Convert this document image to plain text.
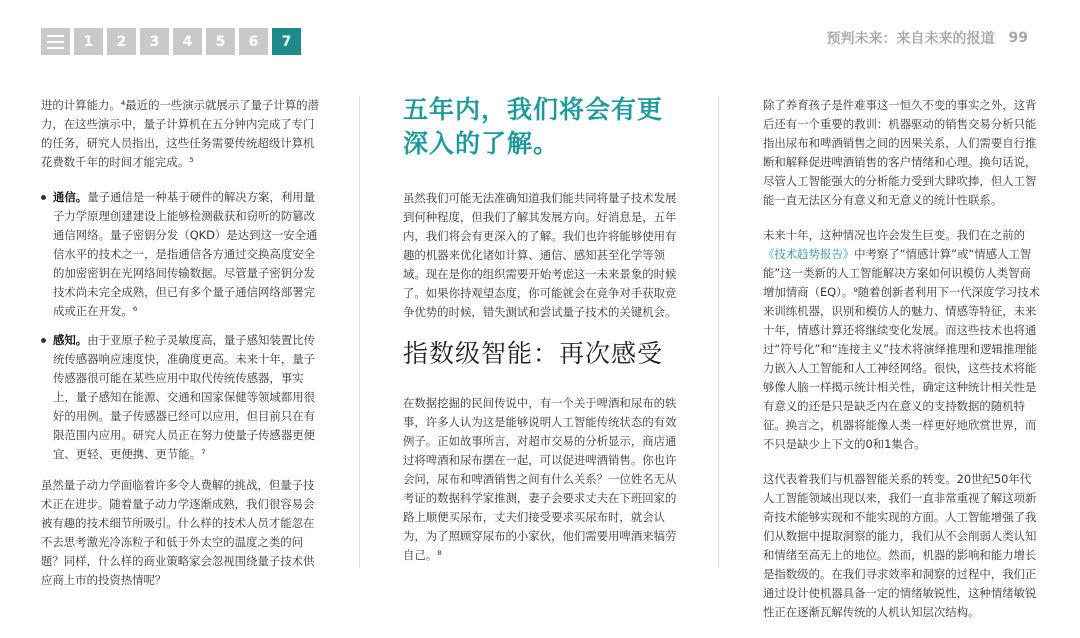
1	2	3	4	5	6	7	预判未来：来自未来的报道 99

进的计算能力。⁴最近的一些演示就展示了量子计算的潜力，在这些演示中，量子计算机在五分钟内完成了专门的任务，研究人员指出，这些任务需要传统超级计算机花费数千年的时间才能完成。⁵

通信。量子通信是一种基于硬件的解决方案，利用量子力学原理创建建设上能够检测截获和窃听的防篡改通信网络。量子密钥分发（QKD）是达到这一安全通信水平的技术之一，是指通信各方通过交换高度安全的加密密钥在光网络间传输数据。尽管量子密钥分发技术尚未完全成熟，但已有多个量子通信网络部署完成或正在开发。⁶
感知。由于亚原子粒子灵敏度高，量子感知装置比传统传感器响应速度快，准确度更高。未来十年，量子传感器很可能在某些应用中取代传统传感器，事实上，量子感知在能源、交通和国家保健等领域都用很好的用例。量子传感器已经可以应用，但目前只在有限范围内应用。研究人员正在努力使量子传感器更便宜、更轻、更便携、更节能。⁷

虽然量子动力学面临着许多令人费解的挑战，但量子技术正在进步。随着量子动力学逐渐成熟，我们很容易会被有趣的技术细节所吸引。什么样的技术人员才能忽在不去思考激光冷冻粒子和低于外太空的温度之类的问题？同样，什么样的商业策略家会忽视围绕量子技术供应商上市的投资热情呢？

五年内，我们将会有更深入的了解。

虽然我们可能无法准确知道我们能共同将量子技术发展到何种程度，但我们了解其发展方向。好消息是，五年内，我们将会有更深入的了解。我们也许将能够使用有趣的机器来优化诸如计算、通信、感知甚至化学等领域。现在是你的组织需要开始考虑这一未来景象的时候了。如果你持观望态度，你可能就会在竞争对手获取竞争优势的时候，错失测试和尝试量子技术的关键机会。

指数级智能：再次感受

在数据挖掘的民间传说中，有一个关于啤酒和尿布的轶事，许多人认为这是能够说明人工智能传统状态的有效例子。正如故事所言，对超市交易的分析显示，商店通过将啤酒和尿布摆在一起，可以促进啤酒销售。你也许会问，尿布和啤酒销售之间有什么关系？一位姓名无从考证的数据科学家推测，妻子会要求丈夫在下班回家的路上顺便买尿布，丈夫们接受要求买尿布时，就会认为，为了照顾穿尿布的小家伙，他们需要用啤酒来犒劳自己。⁸

除了养育孩子是件难事这一恒久不变的事实之外，这背后还有一个重要的教训：机器驱动的销售交易分析只能指出尿布和啤酒销售之间的因果关系，人们需要自行推断和解释促进啤酒销售的客户情绪和心理。换句话说，尽管人工智能强大的分析能力受到大肆吹捧，但人工智能一直无法区分有意义和无意义的统计性联系。

未来十年，这种情况也许会发生巨变。我们在之前的《技术趋势报告》中考察了“情感计算”或“情感人工智能”这一类新的人工智能解决方案如何识模仿人类智商增加情商（EQ）。⁹随着创新者利用下一代深度学习技术来训练机器，识别和模仿人的魅力、情感等特征，未来十年，情感计算还将继续变化发展。而这些技术也将通过“符号化”和“连接主义”技术将演绎推理和逻辑推理能力嵌入人工智能和人工神经网络。很快，这些技术将能够像人脑一样揭示统计相关性，确定这种统计相关性是有意义的还是只是缺乏内在意义的支持数据的随机特征。换言之，机器将能像人类一样更好地欣赏世界，而不只是缺少上下文的0和1集合。

这代表着我们与机器智能关系的转变。20世纪50年代人工智能领域出现以来，我们一直非常重视了解这项新奇技术能够实现和不能实现的方面。人工智能增强了我们从数据中提取洞察的能力，我们从不会削弱人类认知和情绪至高无上的地位。然而，机器的影响和能力增长是指数级的。在我们寻求效率和洞察的过程中，我们正通过设计使机器具备一定的情绪敏锐性，这种情绪敏锐性正在逐渐瓦解传统的人机认知层次结构。
